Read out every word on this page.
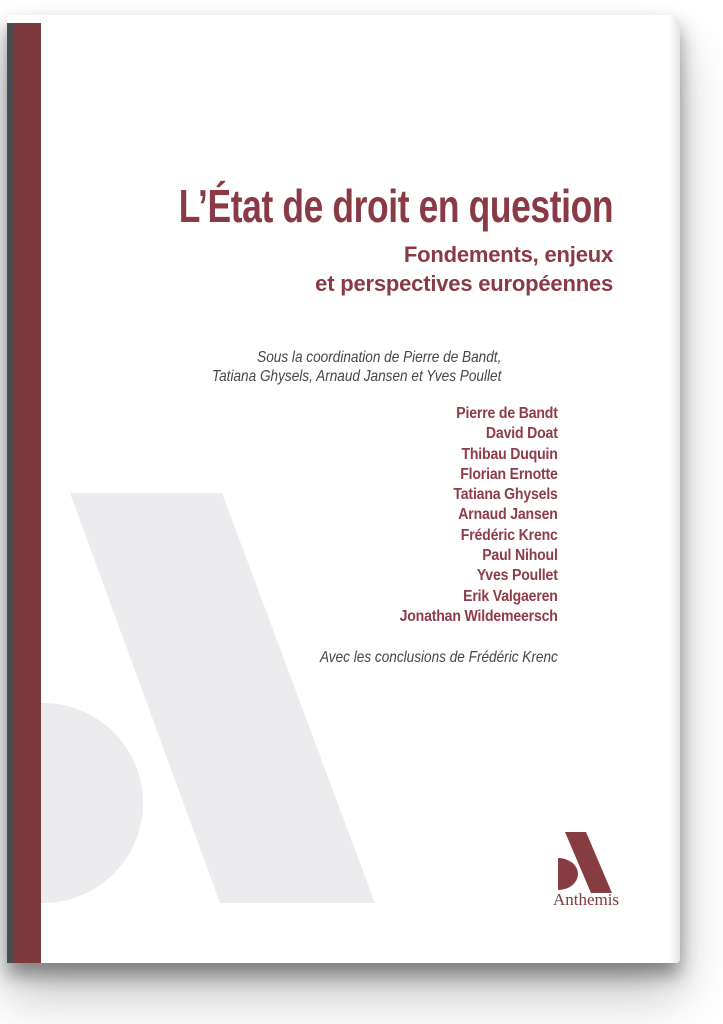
L’État de droit en question
Fondements, enjeux
et perspectives européennes
Sous la coordination de Pierre de Bandt,
Tatiana Ghysels, Arnaud Jansen et Yves Poullet
Pierre de Bandt
David Doat
Thibau Duquin
Florian Ernotte
Tatiana Ghysels
Arnaud Jansen
Frédéric Krenc
Paul Nihoul
Yves Poullet
Erik Valgaeren
Jonathan Wildemeersch
Avec les conclusions de Frédéric Krenc
Anthemis
